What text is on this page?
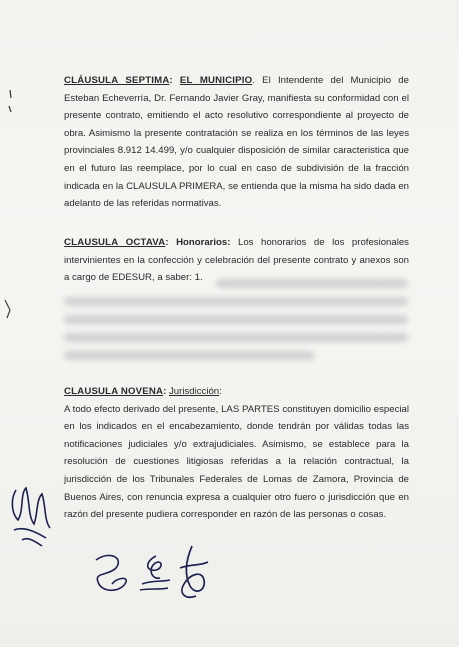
CLÁUSULA SEPTIMA: EL MUNICIPIO. El Intendente del Municipio de Esteban Echeverría, Dr. Fernando Javier Gray, manifiesta su conformidad con el presente contrato, emitiendo el acto resolutivo correspondiente al proyecto de obra. Asimismo la presente contratación se realiza en los términos de las leyes provinciales 8.912 14.499, y/o cualquier disposición de similar caracteristica que en el futuro las reemplace, por lo cual en caso de subdivisión de la fracción indicada en la CLAUSULA PRIMERA, se entienda que la misma ha sido dada en adelanto de las referidas normativas.
CLAUSULA OCTAVA: Honorarios: Los honorarios de los profesionales intervinientes en la confección y celebración del presente contrato y anexos son a cargo de EDESUR, a saber: 1.
CLAUSULA NOVENA: Jurisdicción:
A todo efecto derivado del presente, LAS PARTES constituyen domicilio especial en los indicados en el encabezamiento, donde tendrán por válidas todas las notificaciones judiciales y/o extrajudiciales. Asimismo, se establece para la resolución de cuestiones litigiosas referidas a la relación contractual, la jurisdicción de los Tribunales Federales de Lomas de Zamora, Provincia de Buenos Aires, con renuncia expresa a cualquier otro fuero o jurisdicción que en razón del presente pudiera corresponder en razón de las personas o cosas.
